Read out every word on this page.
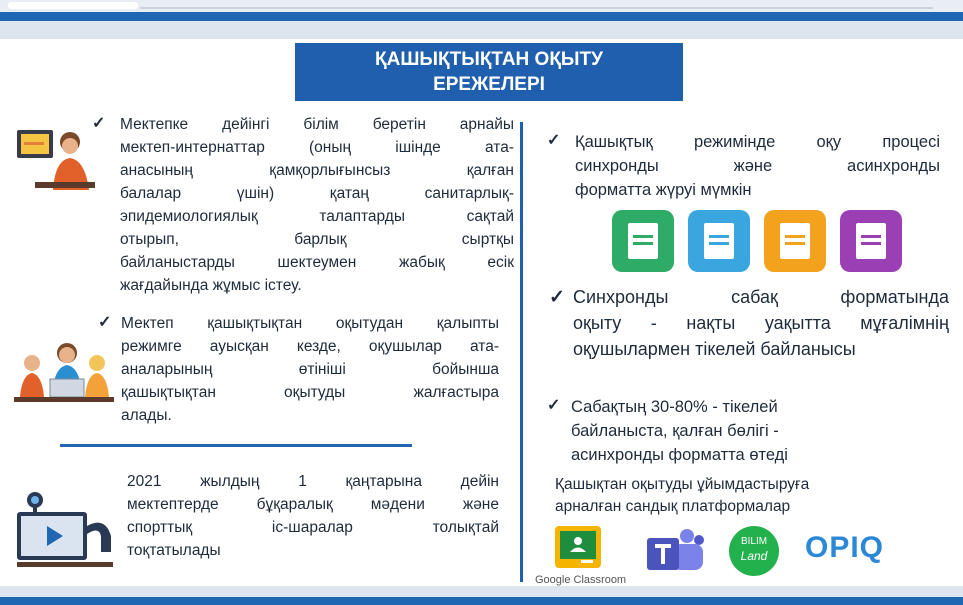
ҚАШЫҚТЫҚТАН ОҚЫТУ
ЕРЕЖЕЛЕРІ
✓ Мектепке дейінгі білім беретін арнайы
мектеп-интернаттар (оның ішінде ата-
анасының қамқорлығынсыз қалған
балалар үшін) қатаң санитарлық-
эпидемиологиялық талаптарды сақтай
отырып, барлық сыртқы
байланыстарды шектеумен жабық есік
жағдайында жұмыс істеу.
✓ Мектеп қашықтықтан оқытудан қалыпты
режимге ауысқан кезде, оқушылар ата-
аналарының өтініші бойынша
қашықтықтан оқытуды жалғастыра
алады.
2021 жылдың 1 қаңтарына дейін
мектептерде бұқаралық мәдени және
спорттық іс-шаралар толықтай
тоқтатылады
✓ Қашықтық режимінде оқу процесі
синхронды және асинхронды
форматта жүруі мүмкін
✓ Синхронды сабақ форматында
оқыту - нақты уақытта мұғалімнің
оқушылармен тікелей байланысы
✓ Сабақтың 30-80% - тікелей
байланыста, қалған бөлігі -
асинхронды форматта өтеді
Қашықтан оқытуды ұйымдастыруға
арналған сандық платформалар
Google Classroom
BILIM
Land	OPIQ
